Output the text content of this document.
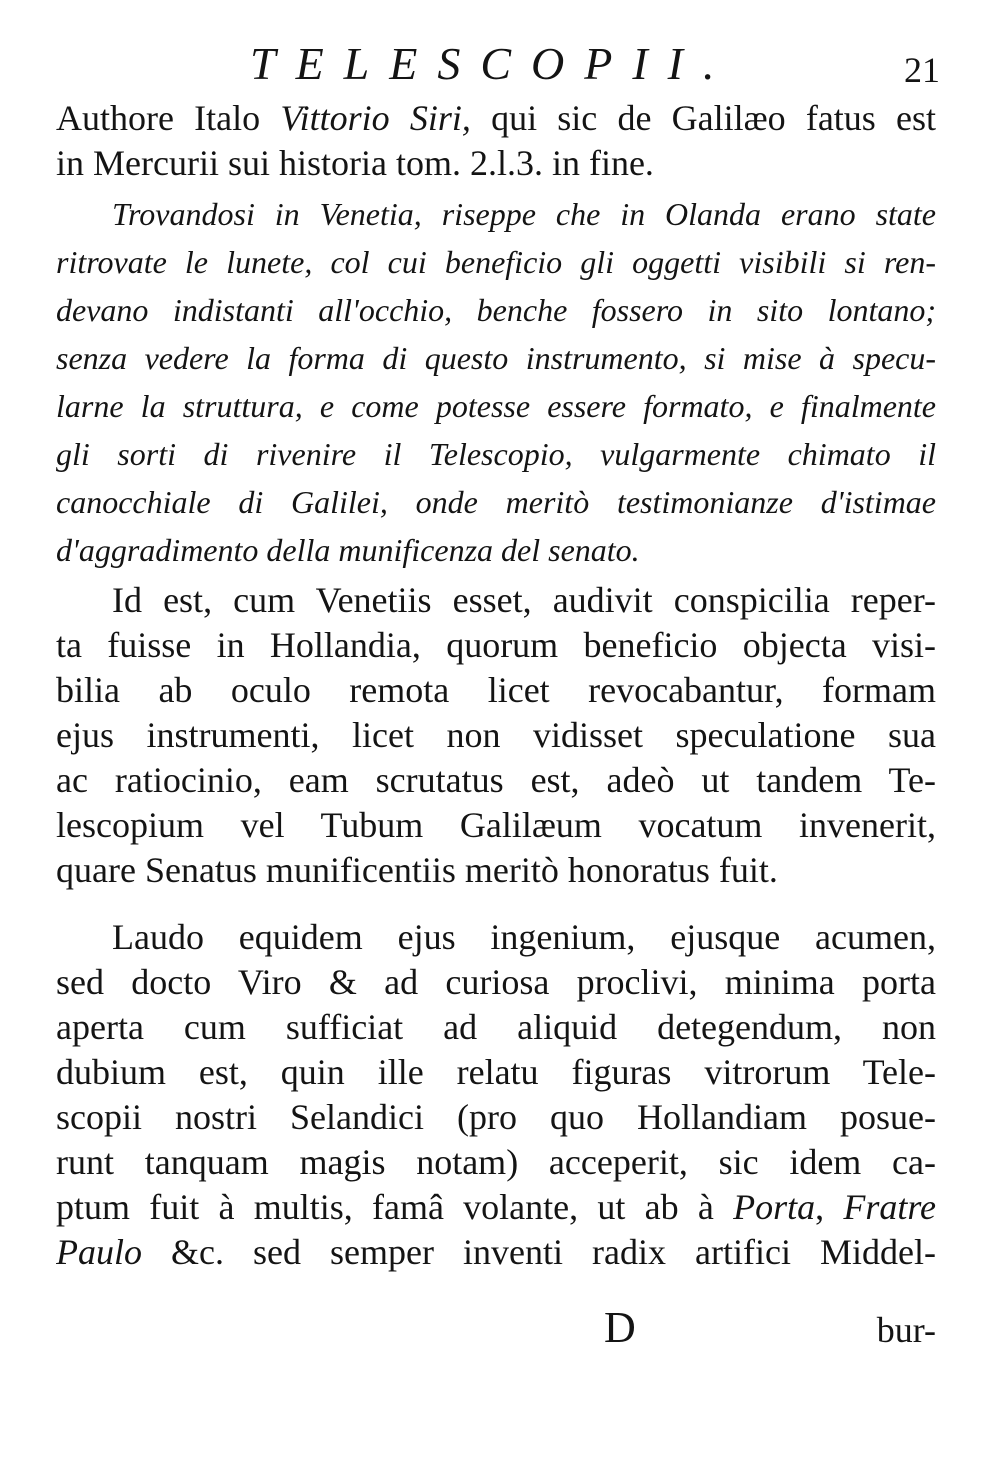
TELESCOPII.	21
Authore Italo Vittorio Siri, qui sic de Galilæo fatus est
in Mercurii sui historia tom. 2.l.3. in fine.
Trovandosi in Venetia, riseppe che in Olanda erano state
ritrovate le lunete, col cui beneficio gli oggetti visibili si ren-
devano indistanti all'occhio, benche fossero in sito lontano;
senza vedere la forma di questo instrumento, si mise à specu-
larne la struttura, e come potesse essere formato, e finalmente
gli sorti di rivenire il Telescopio, vulgarmente chimato il
canocchiale di Galilei, onde meritò testimonianze d'istimae
d'aggradimento della munificenza del senato.
Id est, cum Venetiis esset, audivit conspicilia reper-
ta fuisse in Hollandia, quorum beneficio objecta visi-
bilia ab oculo remota licet revocabantur, formam
ejus instrumenti, licet non vidisset speculatione sua
ac ratiocinio, eam scrutatus est, adeò ut tandem Te-
lescopium vel Tubum Galilæum vocatum invenerit,
quare Senatus munificentiis meritò honoratus fuit.
Laudo equidem ejus ingenium, ejusque acumen,
sed docto Viro & ad curiosa proclivi, minima porta
aperta cum sufficiat ad aliquid detegendum, non
dubium est, quin ille relatu figuras vitrorum Tele-
scopii nostri Selandici (pro quo Hollandiam posue-
runt tanquam magis notam) acceperit, sic idem ca-
ptum fuit à multis, famâ volante, ut ab à Porta, Fratre
Paulo &c. sed semper inventi radix artifici Middel-
D	bur-
